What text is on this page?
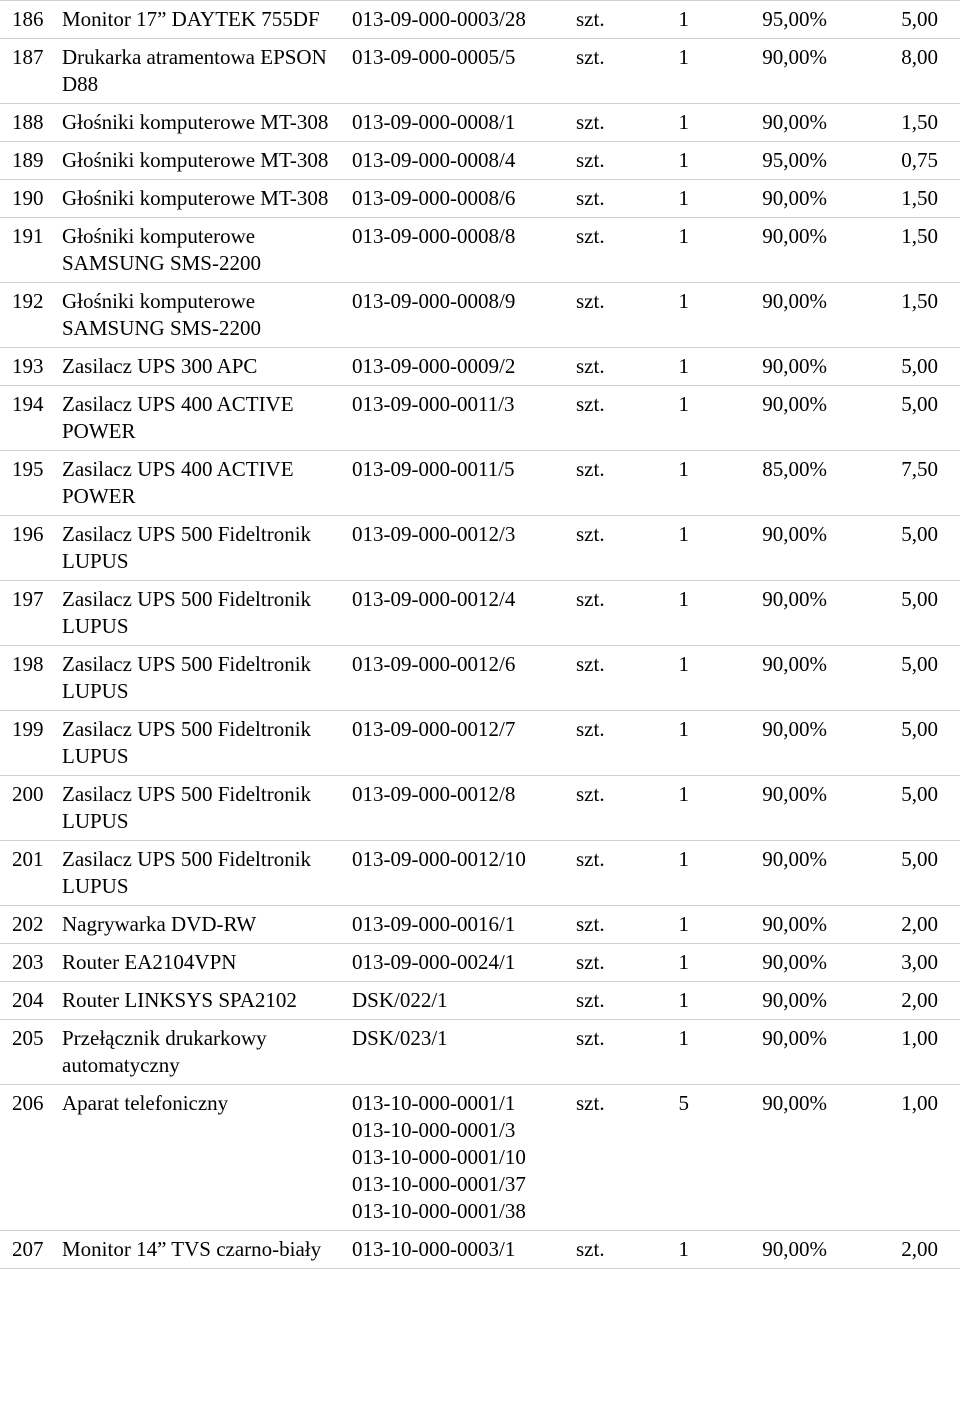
186	Monitor 17” DAYTEK 755DF	013-09-000-0003/28	szt.	1	95,00%	5,00
187	Drukarka atramentowa EPSON D88	013-09-000-0005/5	szt.	1	90,00%	8,00
188	Głośniki komputerowe MT-308	013-09-000-0008/1	szt.	1	90,00%	1,50
189	Głośniki komputerowe MT-308	013-09-000-0008/4	szt.	1	95,00%	0,75
190	Głośniki komputerowe MT-308	013-09-000-0008/6	szt.	1	90,00%	1,50
191	Głośniki komputerowe SAMSUNG SMS-2200	013-09-000-0008/8	szt.	1	90,00%	1,50
192	Głośniki komputerowe SAMSUNG SMS-2200	013-09-000-0008/9	szt.	1	90,00%	1,50
193	Zasilacz UPS 300 APC	013-09-000-0009/2	szt.	1	90,00%	5,00
194	Zasilacz UPS 400 ACTIVE POWER	013-09-000-0011/3	szt.	1	90,00%	5,00
195	Zasilacz UPS 400 ACTIVE POWER	013-09-000-0011/5	szt.	1	85,00%	7,50
196	Zasilacz UPS 500 Fideltronik LUPUS	013-09-000-0012/3	szt.	1	90,00%	5,00
197	Zasilacz UPS 500 Fideltronik LUPUS	013-09-000-0012/4	szt.	1	90,00%	5,00
198	Zasilacz UPS 500 Fideltronik LUPUS	013-09-000-0012/6	szt.	1	90,00%	5,00
199	Zasilacz UPS 500 Fideltronik LUPUS	013-09-000-0012/7	szt.	1	90,00%	5,00
200	Zasilacz UPS 500 Fideltronik LUPUS	013-09-000-0012/8	szt.	1	90,00%	5,00
201	Zasilacz UPS 500 Fideltronik LUPUS	013-09-000-0012/10	szt.	1	90,00%	5,00
202	Nagrywarka DVD-RW	013-09-000-0016/1	szt.	1	90,00%	2,00
203	Router EA2104VPN	013-09-000-0024/1	szt.	1	90,00%	3,00
204	Router LINKSYS SPA2102	DSK/022/1	szt.	1	90,00%	2,00
205	Przełącznik drukarkowy automatyczny	DSK/023/1	szt.	1	90,00%	1,00
206	Aparat telefoniczny	013-10-000-0001/1
013-10-000-0001/3
013-10-000-0001/10
013-10-000-0001/37
013-10-000-0001/38	szt.	5	90,00%	1,00
207	Monitor 14” TVS czarno-biały	013-10-000-0003/1	szt.	1	90,00%	2,00
